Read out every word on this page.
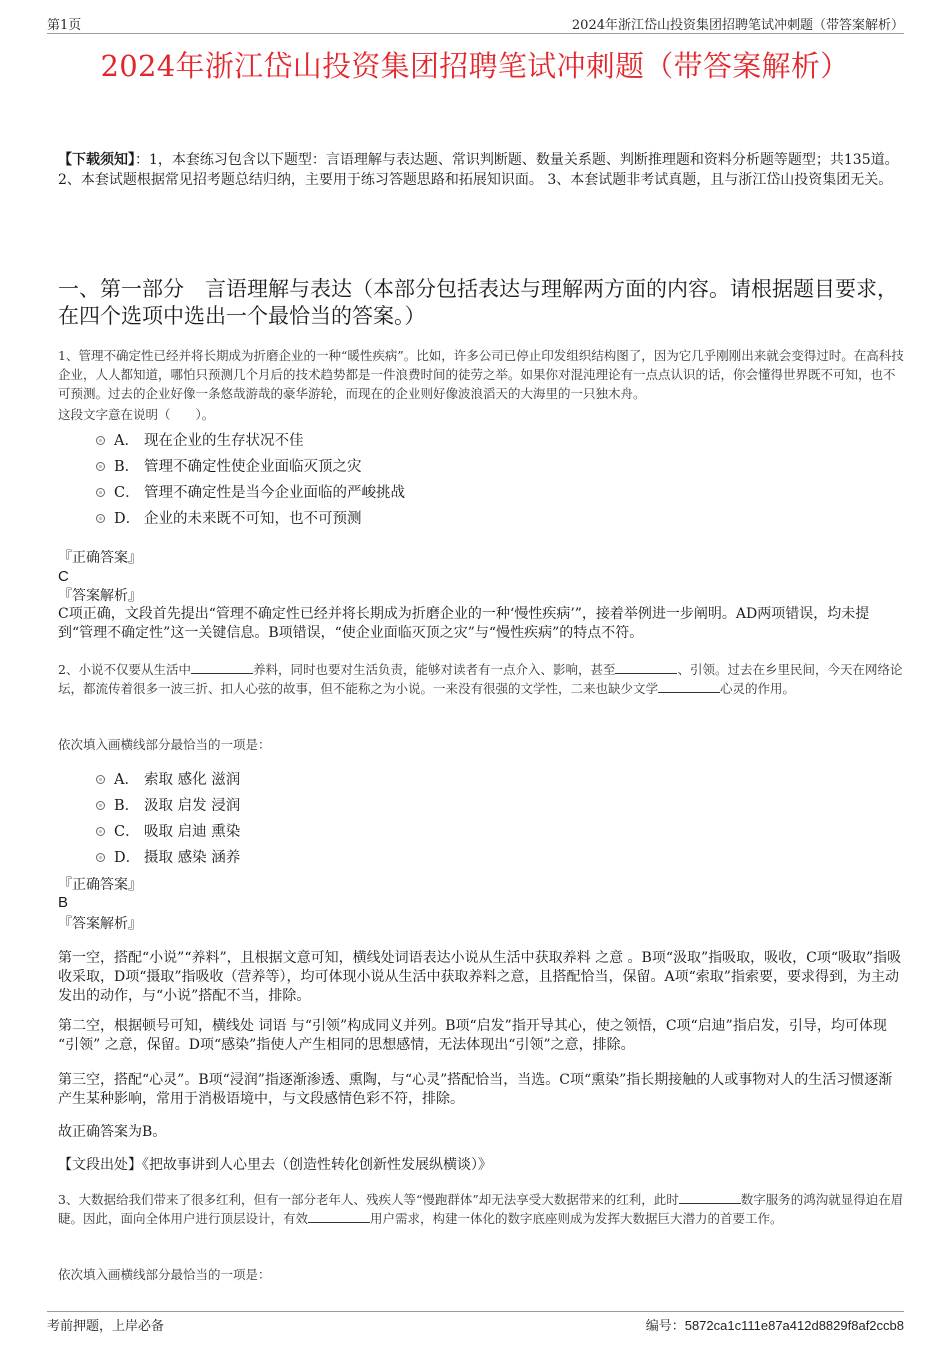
第1页	2024年浙江岱山投资集团招聘笔试冲刺题（带答案解析）
2024年浙江岱山投资集团招聘笔试冲刺题（带答案解析）
【下载须知】：1，本套练习包含以下题型：言语理解与表达题、常识判断题、数量关系题、判断推理题和资料分析题等题型；共135道。 2、本套试题根据常见招考题总结归纳，主要用于练习答题思路和拓展知识面。 3、本套试题非考试真题，且与浙江岱山投资集团无关。
一、第一部分　言语理解与表达（本部分包括表达与理解两方面的内容。请根据题目要求，在四个选项中选出一个最恰当的答案。）
1、管理不确定性已经并将长期成为折磨企业的一种“暖性疾病”。比如，许多公司已停止印发组织结构图了，因为它几乎刚刚出来就会变得过时。在高科技企业，人人都知道，哪怕只预测几个月后的技术趋势都是一件浪费时间的徒劳之举。如果你对混沌理论有一点点认识的话，你会懂得世界既不可知，也不可预测。过去的企业好像一条悠哉游哉的豪华游轮，而现在的企业则好像波浪滔天的大海里的一只独木舟。
这段文字意在说明（　　）。
A． 现在企业的生存状况不佳
B． 管理不确定性使企业面临灭顶之灾
C． 管理不确定性是当今企业面临的严峻挑战
D． 企业的未来既不可知，也不可预测
『正确答案』
C
『答案解析』
C项正确，文段首先提出“管理不确定性已经并将长期成为折磨企业的一种‘慢性疾病’”，接着举例进一步阐明。AD两项错误，均未提到“管理不确定性”这一关键信息。B项错误，“使企业面临灭顶之灾”与“慢性疾病”的特点不符。
2、小说不仅要从生活中	养料，同时也要对生活负责，能够对读者有一点介入、影响，甚至	、引领。过去在乡里民间，今天在网络论坛，都流传着很多一波三折、扣人心弦的故事，但不能称之为小说。一来没有很强的文学性，二来也缺少文学	心灵的作用。
依次填入画横线部分最恰当的一项是：
A． 索取 感化 滋润
B． 汲取 启发 浸润
C． 吸取 启迪 熏染
D． 摄取 感染 涵养
『正确答案』
B
『答案解析』
第一空，搭配“小说”“养料”，且根据文意可知，横线处词语表达小说从生活中获取养料 之意 。B项“汲取”指吸取，吸收，C项“吸取”指吸收采取，D项“摄取”指吸收（营养等），均可体现小说从生活中获取养料之意，且搭配恰当，保留。A项“索取”指索要，要求得到，为主动发出的动作，与“小说”搭配不当，排除。
第二空，根据顿号可知，横线处 词语 与“引领”构成同义并列。B项“启发”指开导其心，使之领悟，C项“启迪”指启发，引导，均可体现 “引领” 之意，保留。D项“感染”指使人产生相同的思想感情，无法体现出“引领”之意，排除。
第三空，搭配“心灵”。B项“浸润”指逐渐渗透、熏陶，与“心灵”搭配恰当，当选。C项“熏染”指长期接触的人或事物对人的生活习惯逐渐产生某种影响，常用于消极语境中，与文段感情色彩不符，排除。
故正确答案为B。
【文段出处】《把故事讲到人心里去（创造性转化创新性发展纵横谈）》
3、大数据给我们带来了很多红利，但有一部分老年人、残疾人等“慢跑群体”却无法享受大数据带来的红利，此时	数字服务的鸿沟就显得迫在眉睫。因此，面向全体用户进行顶层设计，有效	用户需求，构建一体化的数字底座则成为发挥大数据巨大潜力的首要工作。
依次填入画横线部分最恰当的一项是：
考前押题，上岸必备	编号：5872ca1c111e87a412d8829f8af2ccb8
